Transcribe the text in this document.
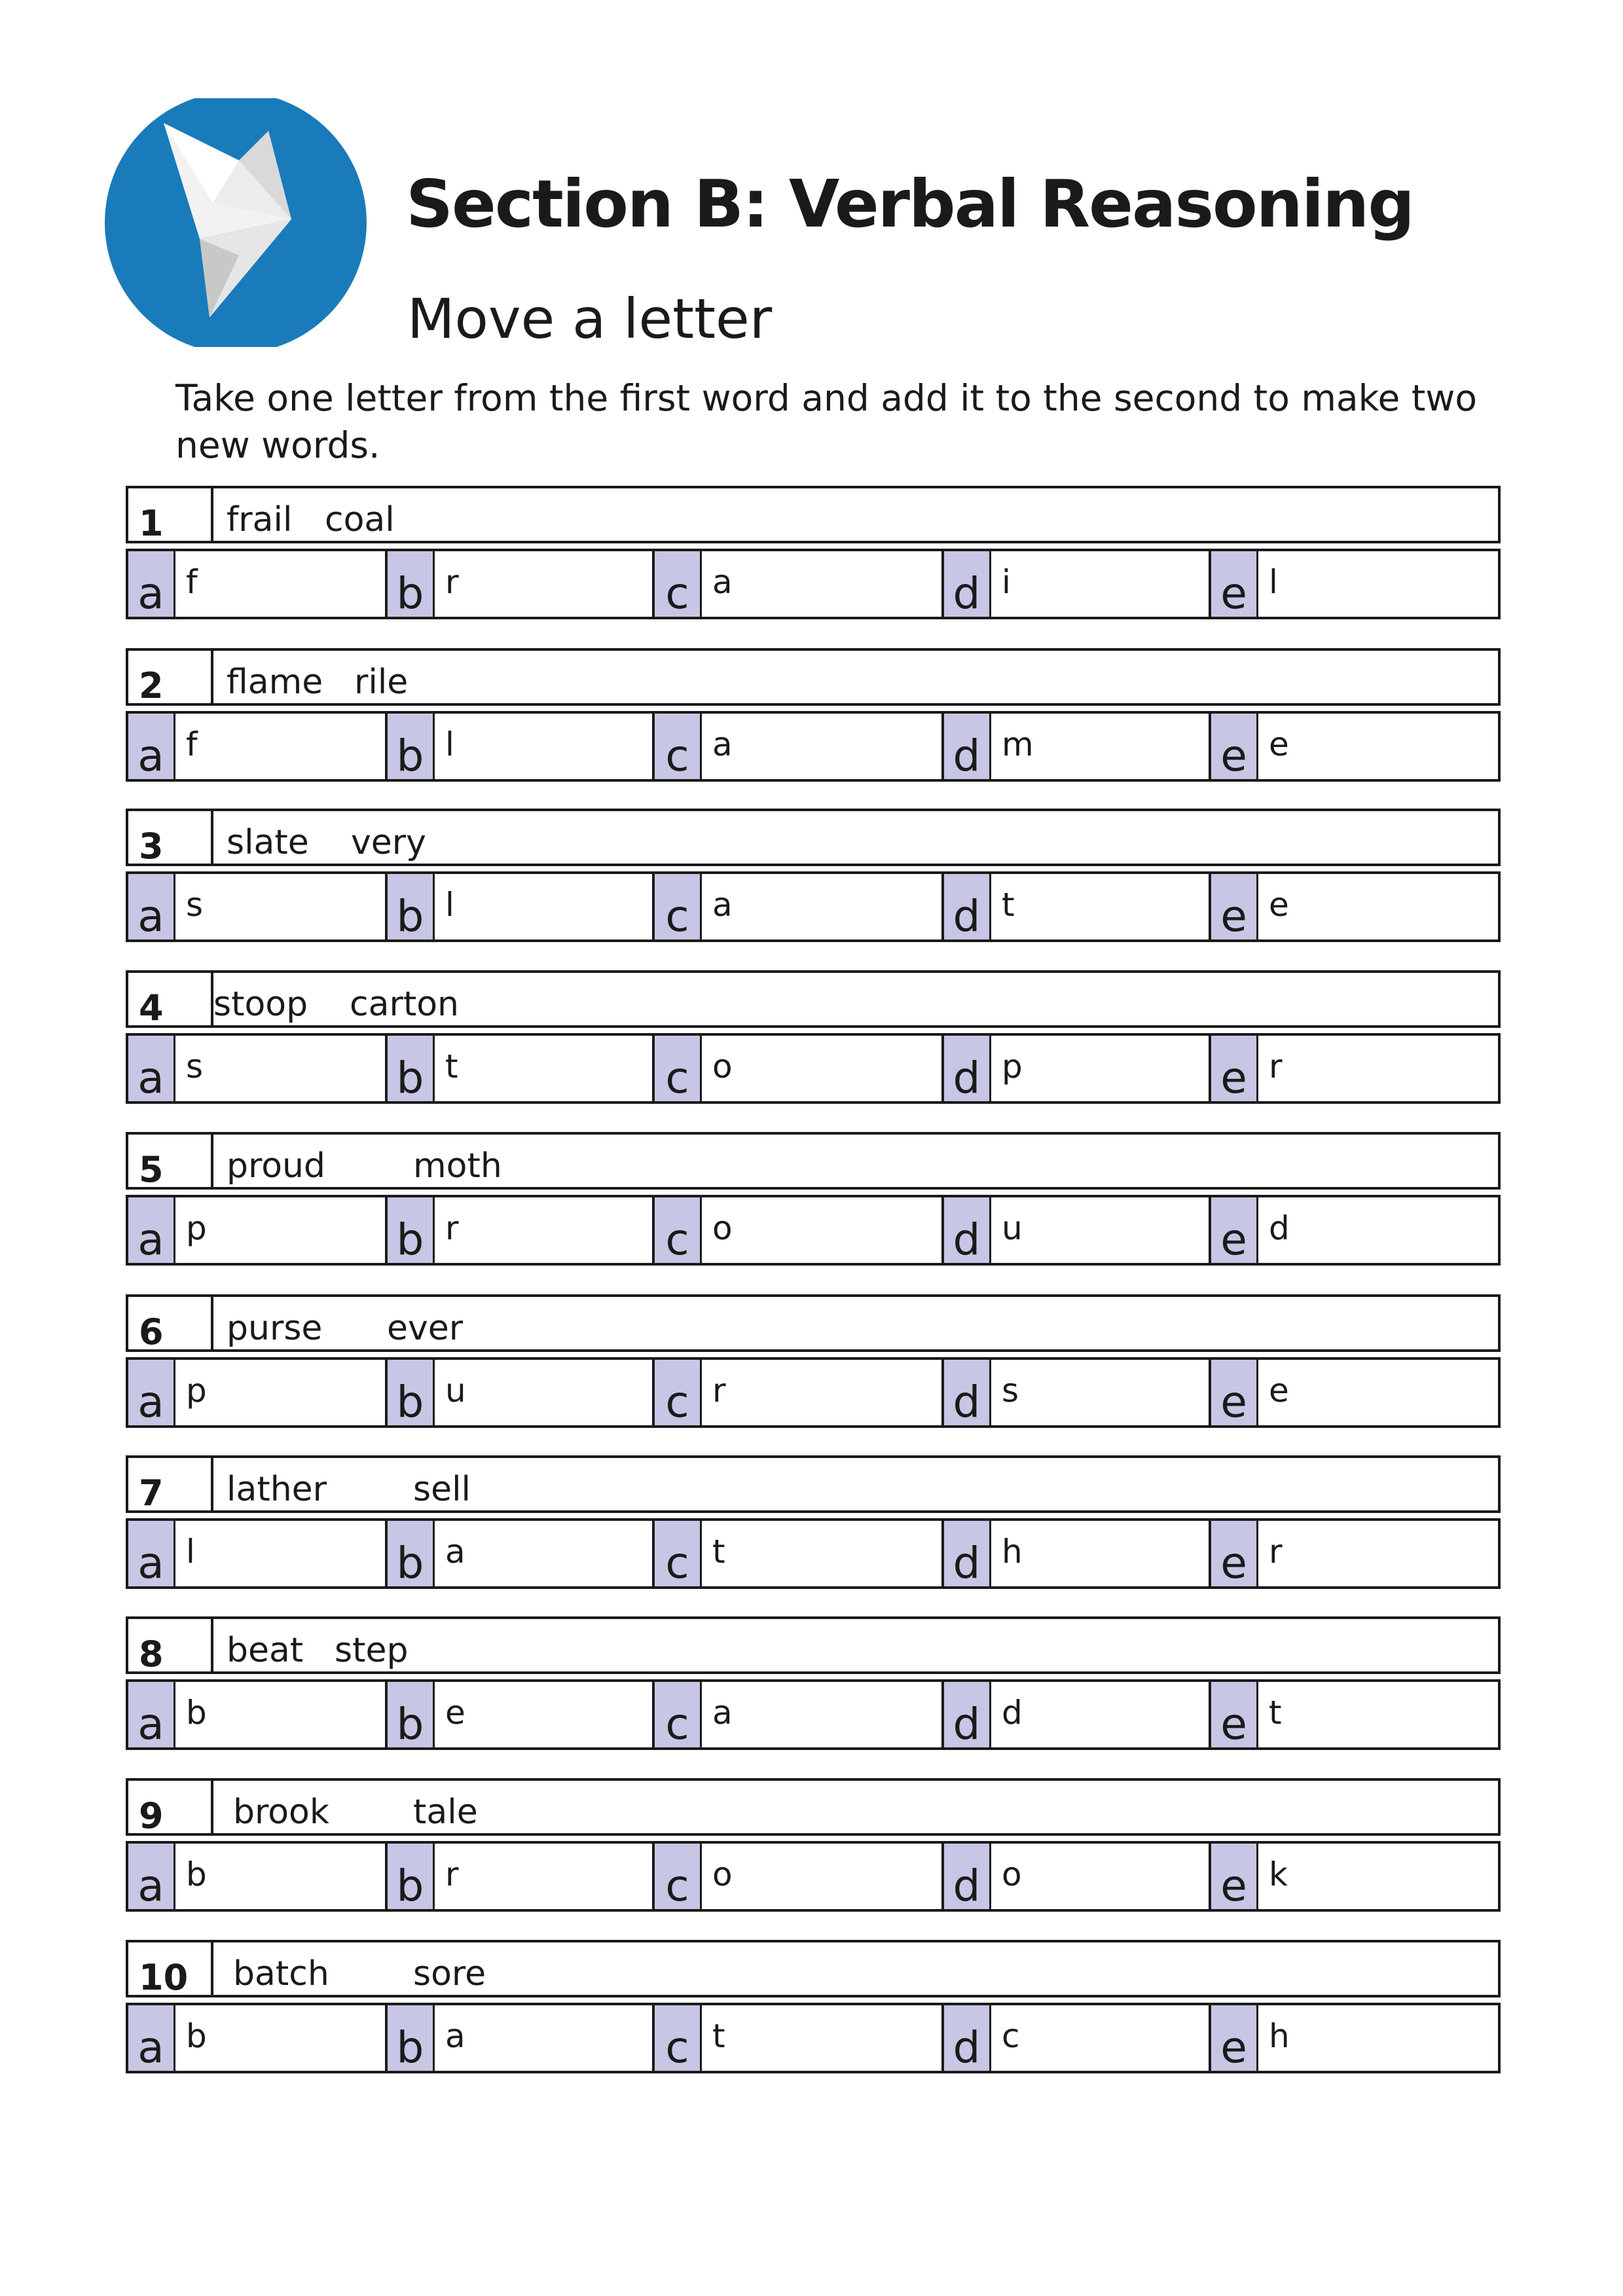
Section B: Verbal Reasoning
Move a letter
Take one letter from the first word and add it to the second to make two new words.
1	frail coal
a f	b r	c a	d i	e l
2	flame rile
a f	b l	c a	d m	e e
3	slate very
a s	b l	c a	d t	e e
4	stoop carton
a s	b t	c o	d p	e r
5	proud	moth
a p	b r	c o	d u	e d
6	purse ever
a p	b u	c r	d s	e e
7	lather	sell
a l	b a	c t	d h	e r
8	beat step
a b	b e	c a	d d	e t
9	brook tale
a b	b r	c o	d o	e k
10	batch sore
a b	b a	c t	d c	e h
